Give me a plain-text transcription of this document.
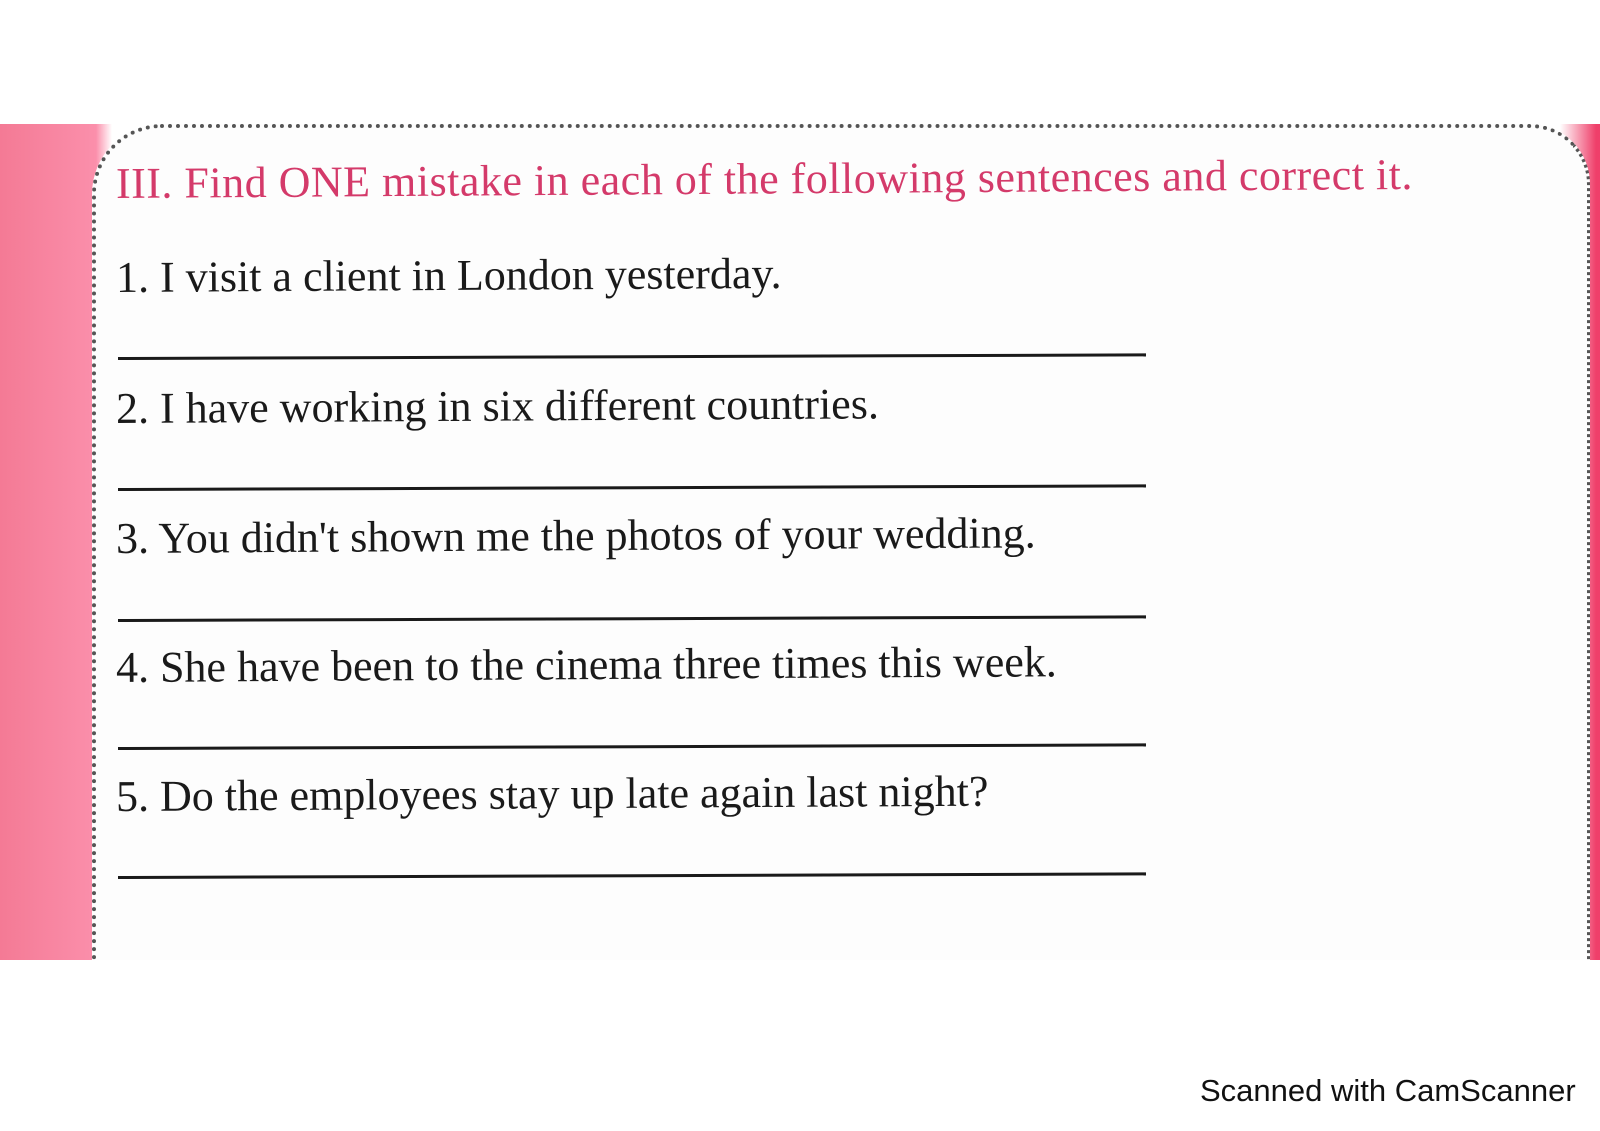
III. Find ONE mistake in each of the following sentences and correct it.
1. I visit a client in London yesterday.
2. I have working in six different countries.
3. You didn't shown me the photos of your wedding.
4. She have been to the cinema three times this week.
5. Do the employees stay up late again last night?
Scanned with CamScanner
